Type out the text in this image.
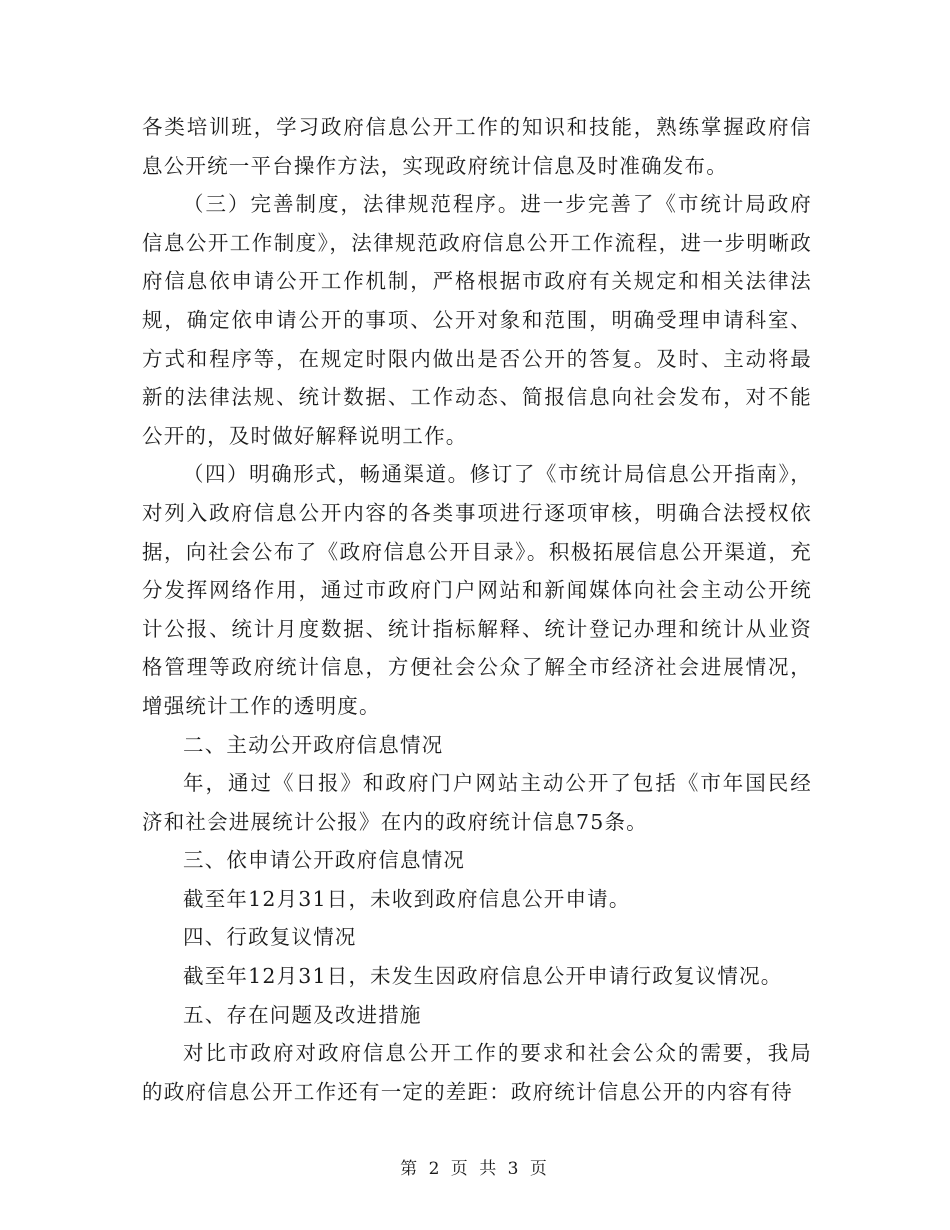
各类培训班，学习政府信息公开工作的知识和技能，熟练掌握政府信息公开统一平台操作方法，实现政府统计信息及时准确发布。

（三）完善制度，法律规范程序。进一步完善了《市统计局政府信息公开工作制度》，法律规范政府信息公开工作流程，进一步明晰政府信息依申请公开工作机制，严格根据市政府有关规定和相关法律法规，确定依申请公开的事项、公开对象和范围，明确受理申请科室、方式和程序等，在规定时限内做出是否公开的答复。及时、主动将最新的法律法规、统计数据、工作动态、简报信息向社会发布，对不能公开的，及时做好解释说明工作。

（四）明确形式，畅通渠道。修订了《市统计局信息公开指南》，对列入政府信息公开内容的各类事项进行逐项审核，明确合法授权依据，向社会公布了《政府信息公开目录》。积极拓展信息公开渠道，充分发挥网络作用，通过市政府门户网站和新闻媒体向社会主动公开统计公报、统计月度数据、统计指标解释、统计登记办理和统计从业资格管理等政府统计信息，方便社会公众了解全市经济社会进展情况，增强统计工作的透明度。

二、主动公开政府信息情况

年，通过《日报》和政府门户网站主动公开了包括《市年国民经济和社会进展统计公报》在内的政府统计信息75条。

三、依申请公开政府信息情况

截至年12月31日，未收到政府信息公开申请。

四、行政复议情况

截至年12月31日，未发生因政府信息公开申请行政复议情况。

五、存在问题及改进措施

对比市政府对政府信息公开工作的要求和社会公众的需要，我局的政府信息公开工作还有一定的差距：政府统计信息公开的内容有待

第 2 页 共 3 页
